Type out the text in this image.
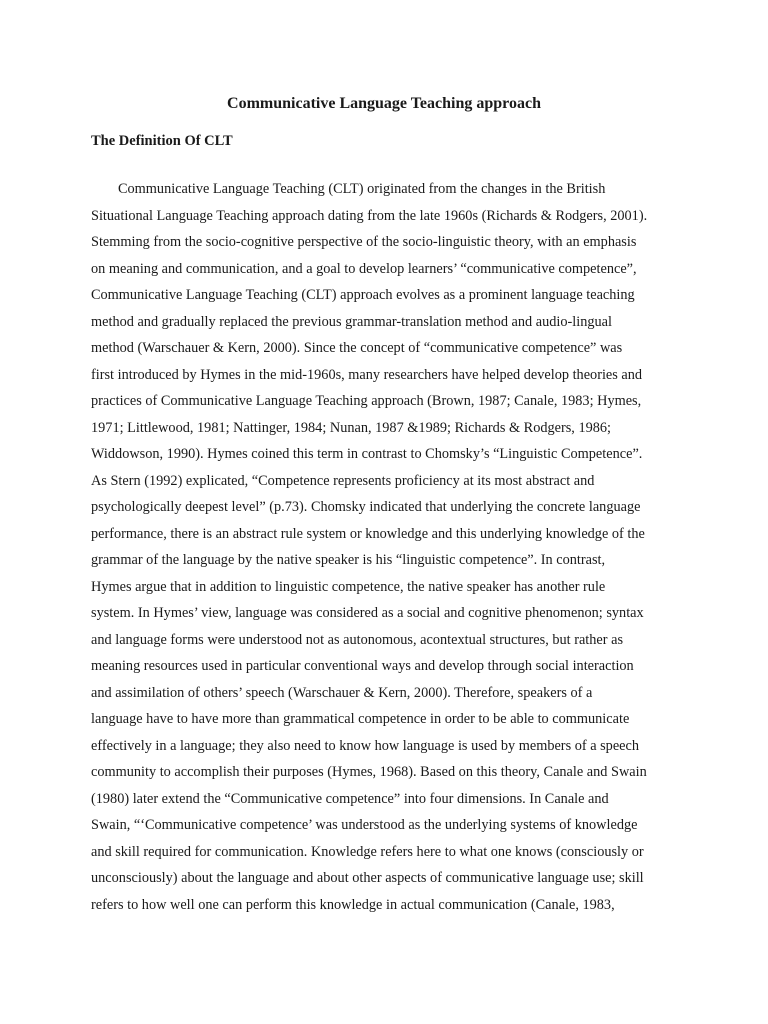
Communicative Language Teaching approach
The Definition Of CLT
Communicative Language Teaching (CLT) originated from the changes in the British
Situational Language Teaching approach dating from the late 1960s (Richards & Rodgers, 2001).
Stemming from the socio-cognitive perspective of the socio-linguistic theory, with an emphasis
on meaning and communication, and a goal to develop learners’ “communicative competence”,
Communicative Language Teaching (CLT) approach evolves as a prominent language teaching
method and gradually replaced the previous grammar-translation method and audio-lingual
method (Warschauer & Kern, 2000). Since the concept of “communicative competence” was
first introduced by Hymes in the mid-1960s, many researchers have helped develop theories and
practices of Communicative Language Teaching approach (Brown, 1987; Canale, 1983; Hymes,
1971; Littlewood, 1981; Nattinger, 1984; Nunan, 1987 &1989; Richards & Rodgers, 1986;
Widdowson, 1990). Hymes coined this term in contrast to Chomsky’s “Linguistic Competence”.
As Stern (1992) explicated, “Competence represents proficiency at its most abstract and
psychologically deepest level” (p.73). Chomsky indicated that underlying the concrete language
performance, there is an abstract rule system or knowledge and this underlying knowledge of the
grammar of the language by the native speaker is his “linguistic competence”. In contrast,
Hymes argue that in addition to linguistic competence, the native speaker has another rule
system. In Hymes’ view, language was considered as a social and cognitive phenomenon; syntax
and language forms were understood not as autonomous, acontextual structures, but rather as
meaning resources used in particular conventional ways and develop through social interaction
and assimilation of others’ speech (Warschauer & Kern, 2000). Therefore, speakers of a
language have to have more than grammatical competence in order to be able to communicate
effectively in a language; they also need to know how language is used by members of a speech
community to accomplish their purposes (Hymes, 1968). Based on this theory, Canale and Swain
(1980) later extend the “Communicative competence” into four dimensions. In Canale and
Swain, “‘Communicative competence’ was understood as the underlying systems of knowledge
and skill required for communication. Knowledge refers here to what one knows (consciously or
unconsciously) about the language and about other aspects of communicative language use; skill
refers to how well one can perform this knowledge in actual communication (Canale, 1983,
